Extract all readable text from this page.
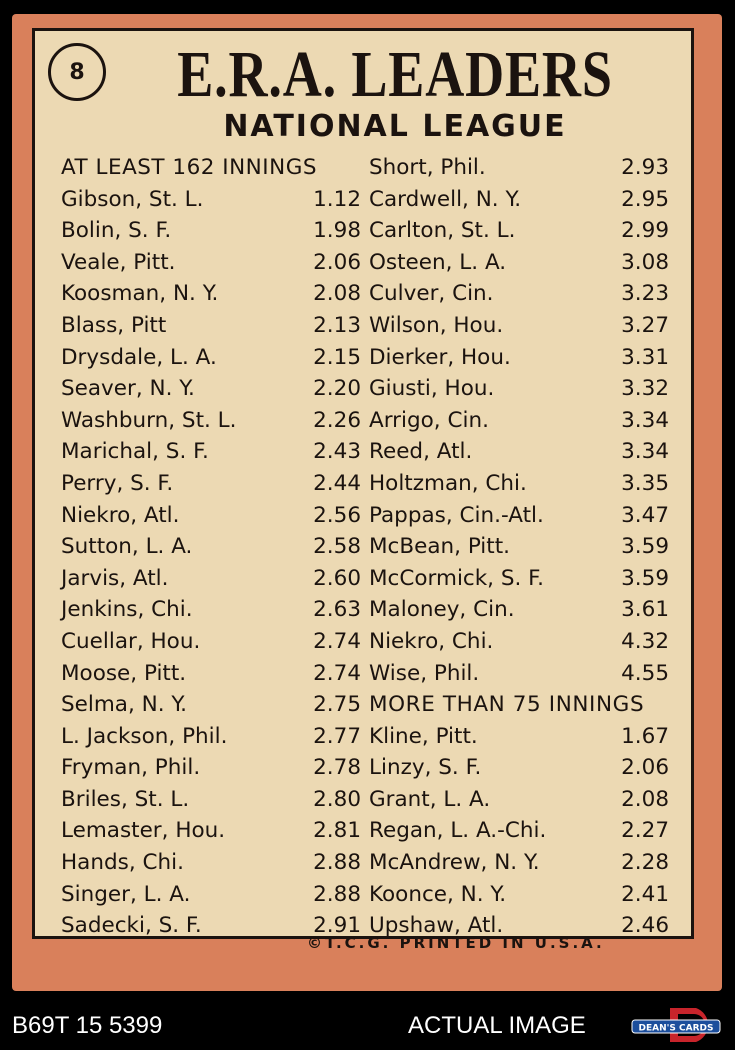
8 E.R.A. LEADERS
NATIONAL LEAGUE
AT LEAST 162 INNINGS
Gibson, St. L.	1.12
Bolin, S. F.	1.98
Veale, Pitt.	2.06
Koosman, N. Y.	2.08
Blass, Pitt	2.13
Drysdale, L. A.	2.15
Seaver, N. Y.	2.20
Washburn, St. L.	2.26
Marichal, S. F.	2.43
Perry, S. F.	2.44
Niekro, Atl.	2.56
Sutton, L. A.	2.58
Jarvis, Atl.	2.60
Jenkins, Chi.	2.63
Cuellar, Hou.	2.74
Moose, Pitt.	2.74
Selma, N. Y.	2.75
L. Jackson, Phil.	2.77
Fryman, Phil.	2.78
Briles, St. L.	2.80
Lemaster, Hou.	2.81
Hands, Chi.	2.88
Singer, L. A.	2.88
Sadecki, S. F.	2.91
Short, Phil.	2.93
Cardwell, N. Y.	2.95
Carlton, St. L.	2.99
Osteen, L. A.	3.08
Culver, Cin.	3.23
Wilson, Hou.	3.27
Dierker, Hou.	3.31
Giusti, Hou.	3.32
Arrigo, Cin.	3.34
Reed, Atl.	3.34
Holtzman, Chi.	3.35
Pappas, Cin.-Atl.	3.47
McBean, Pitt.	3.59
McCormick, S. F.	3.59
Maloney, Cin.	3.61
Niekro, Chi.	4.32
Wise, Phil.	4.55
MORE THAN 75 INNINGS
Kline, Pitt.	1.67
Linzy, S. F.	2.06
Grant, L. A.	2.08
Regan, L. A.-Chi.	2.27
McAndrew, N. Y.	2.28
Koonce, N. Y.	2.41
Upshaw, Atl.	2.46
©T.C.G. PRINTED IN U.S.A.
B69T 15 5399	ACTUAL IMAGE	DEAN'S CARDS
